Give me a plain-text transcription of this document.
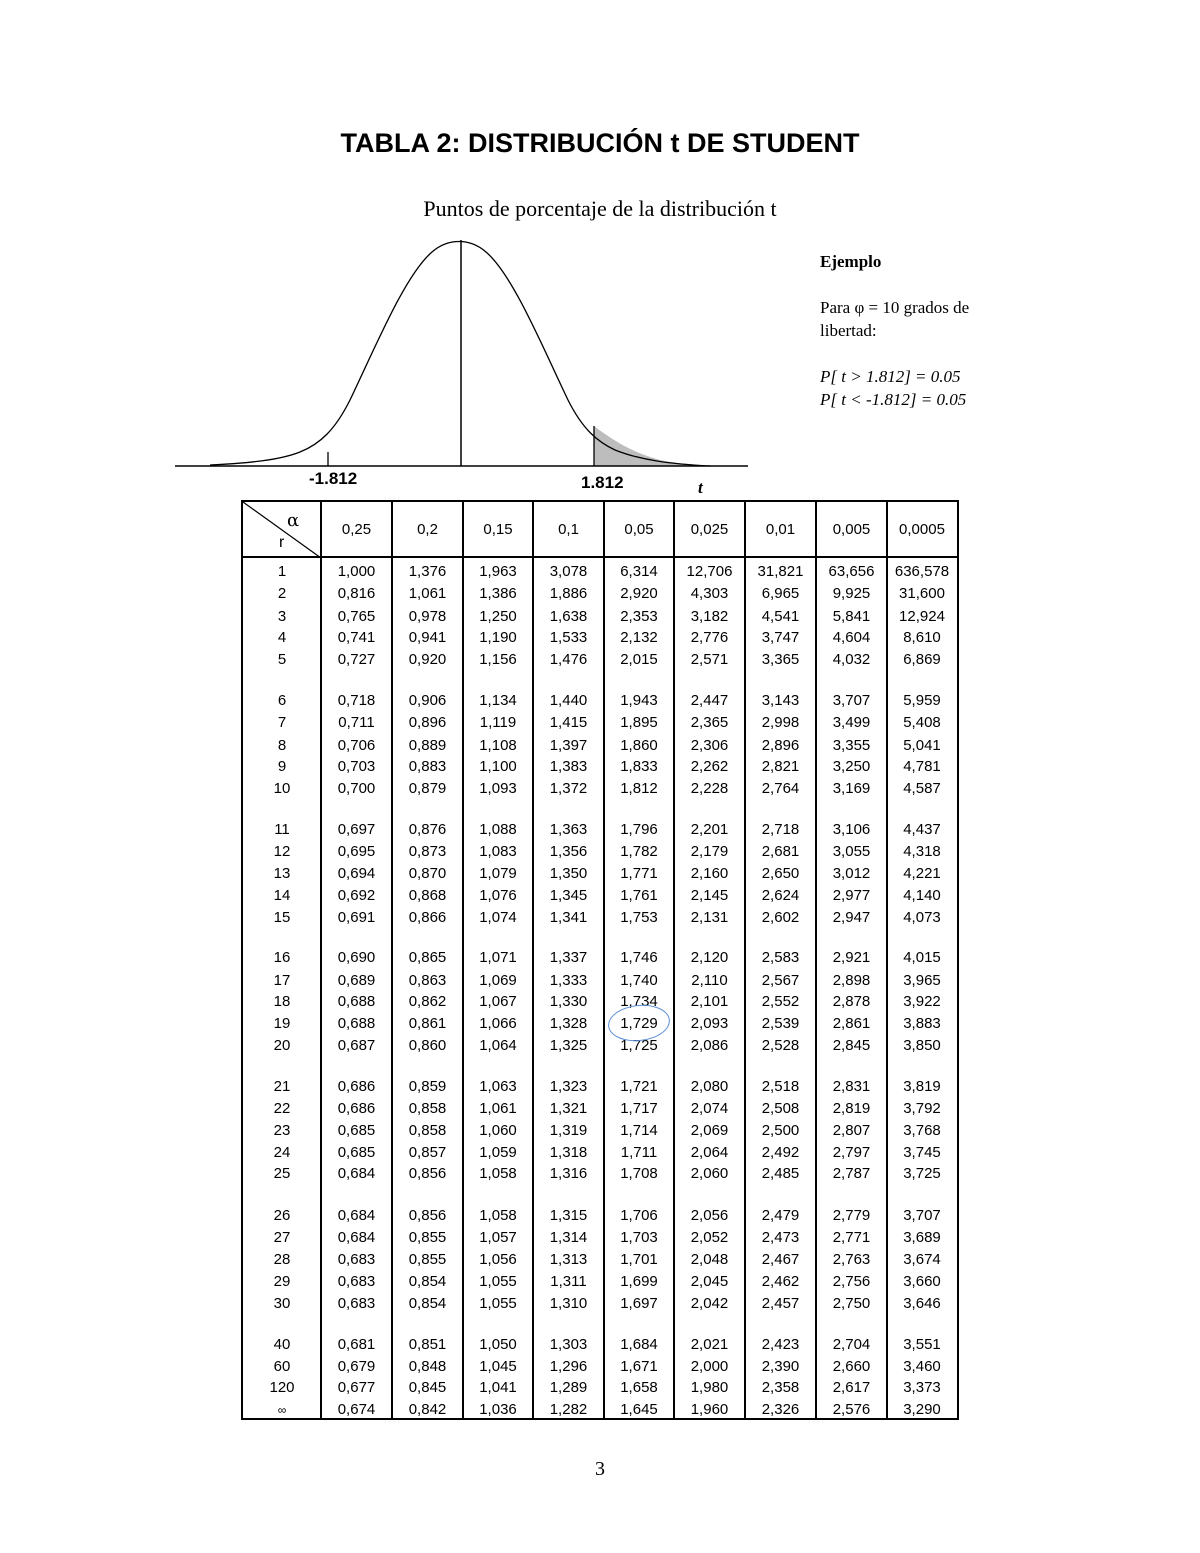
TABLA 2: DISTRIBUCIÓN t DE STUDENT
Puntos de porcentaje de la distribución t
-1.812	1.812	t
Ejemplo
Para φ = 10 grados de libertad:
P[ t > 1.812] = 0.05
P[ t < -1.812] = 0.05
α
r
0,25	0,2	0,15	0,1	0,05	0,025	0,01	0,005	0,0005
1	1,000	1,376	1,963	3,078	6,314	12,706	31,821	63,656	636,578
2	0,816	1,061	1,386	1,886	2,920	4,303	6,965	9,925	31,600
3	0,765	0,978	1,250	1,638	2,353	3,182	4,541	5,841	12,924
4	0,741	0,941	1,190	1,533	2,132	2,776	3,747	4,604	8,610
5	0,727	0,920	1,156	1,476	2,015	2,571	3,365	4,032	6,869
6	0,718	0,906	1,134	1,440	1,943	2,447	3,143	3,707	5,959
7	0,711	0,896	1,119	1,415	1,895	2,365	2,998	3,499	5,408
8	0,706	0,889	1,108	1,397	1,860	2,306	2,896	3,355	5,041
9	0,703	0,883	1,100	1,383	1,833	2,262	2,821	3,250	4,781
10	0,700	0,879	1,093	1,372	1,812	2,228	2,764	3,169	4,587
11	0,697	0,876	1,088	1,363	1,796	2,201	2,718	3,106	4,437
12	0,695	0,873	1,083	1,356	1,782	2,179	2,681	3,055	4,318
13	0,694	0,870	1,079	1,350	1,771	2,160	2,650	3,012	4,221
14	0,692	0,868	1,076	1,345	1,761	2,145	2,624	2,977	4,140
15	0,691	0,866	1,074	1,341	1,753	2,131	2,602	2,947	4,073
16	0,690	0,865	1,071	1,337	1,746	2,120	2,583	2,921	4,015
17	0,689	0,863	1,069	1,333	1,740	2,110	2,567	2,898	3,965
18	0,688	0,862	1,067	1,330	1,734	2,101	2,552	2,878	3,922
19	0,688	0,861	1,066	1,328	1,729	2,093	2,539	2,861	3,883
20	0,687	0,860	1,064	1,325	1,725	2,086	2,528	2,845	3,850
21	0,686	0,859	1,063	1,323	1,721	2,080	2,518	2,831	3,819
22	0,686	0,858	1,061	1,321	1,717	2,074	2,508	2,819	3,792
23	0,685	0,858	1,060	1,319	1,714	2,069	2,500	2,807	3,768
24	0,685	0,857	1,059	1,318	1,711	2,064	2,492	2,797	3,745
25	0,684	0,856	1,058	1,316	1,708	2,060	2,485	2,787	3,725
26	0,684	0,856	1,058	1,315	1,706	2,056	2,479	2,779	3,707
27	0,684	0,855	1,057	1,314	1,703	2,052	2,473	2,771	3,689
28	0,683	0,855	1,056	1,313	1,701	2,048	2,467	2,763	3,674
29	0,683	0,854	1,055	1,311	1,699	2,045	2,462	2,756	3,660
30	0,683	0,854	1,055	1,310	1,697	2,042	2,457	2,750	3,646
40	0,681	0,851	1,050	1,303	1,684	2,021	2,423	2,704	3,551
60	0,679	0,848	1,045	1,296	1,671	2,000	2,390	2,660	3,460
120	0,677	0,845	1,041	1,289	1,658	1,980	2,358	2,617	3,373
∞	0,674	0,842	1,036	1,282	1,645	1,960	2,326	2,576	3,290
3
